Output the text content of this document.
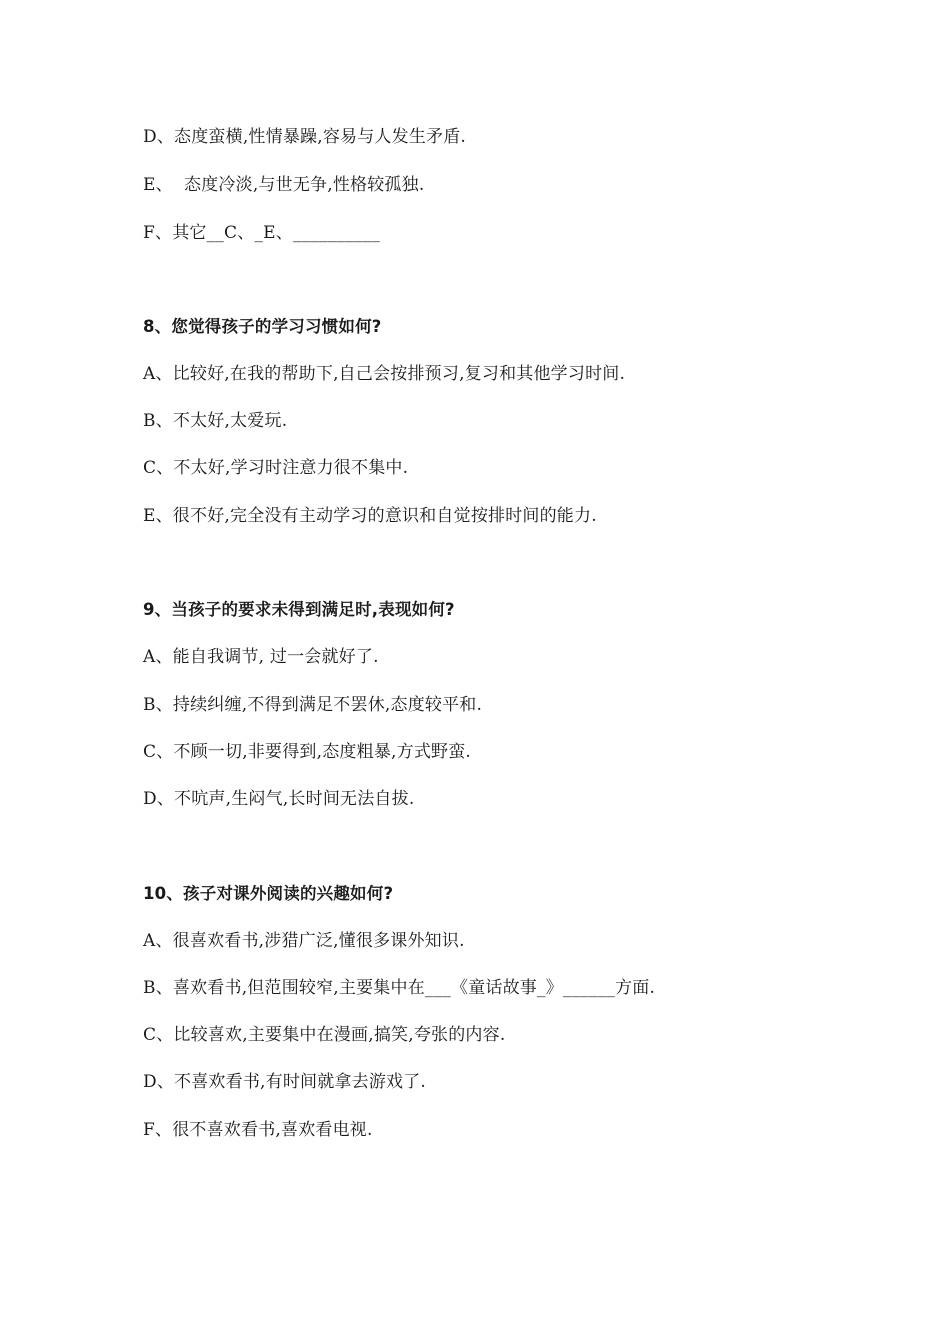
D、态度蛮横,性情暴躁,容易与人发生矛盾.
E、  态度冷淡,与世无争,性格较孤独.
F、其它__C、_E、__________
8、您觉得孩子的学习习惯如何?
A、比较好,在我的帮助下,自己会按排预习,复习和其他学习时间.
B、不太好,太爱玩.
C、不太好,学习时注意力很不集中.
E、很不好,完全没有主动学习的意识和自觉按排时间的能力.
9、当孩子的要求未得到满足时,表现如何?
A、能自我调节, 过一会就好了.
B、持续纠缠,不得到满足不罢休,态度较平和.
C、不顾一切,非要得到,态度粗暴,方式野蛮.
D、不吭声,生闷气,长时间无法自拔.
10、孩子对课外阅读的兴趣如何?
A、很喜欢看书,涉猎广泛,懂很多课外知识.
B、喜欢看书,但范围较窄,主要集中在___《童话故事_》______方面.
C、比较喜欢,主要集中在漫画,搞笑,夸张的内容.
D、不喜欢看书,有时间就拿去游戏了.
F、很不喜欢看书,喜欢看电视.
